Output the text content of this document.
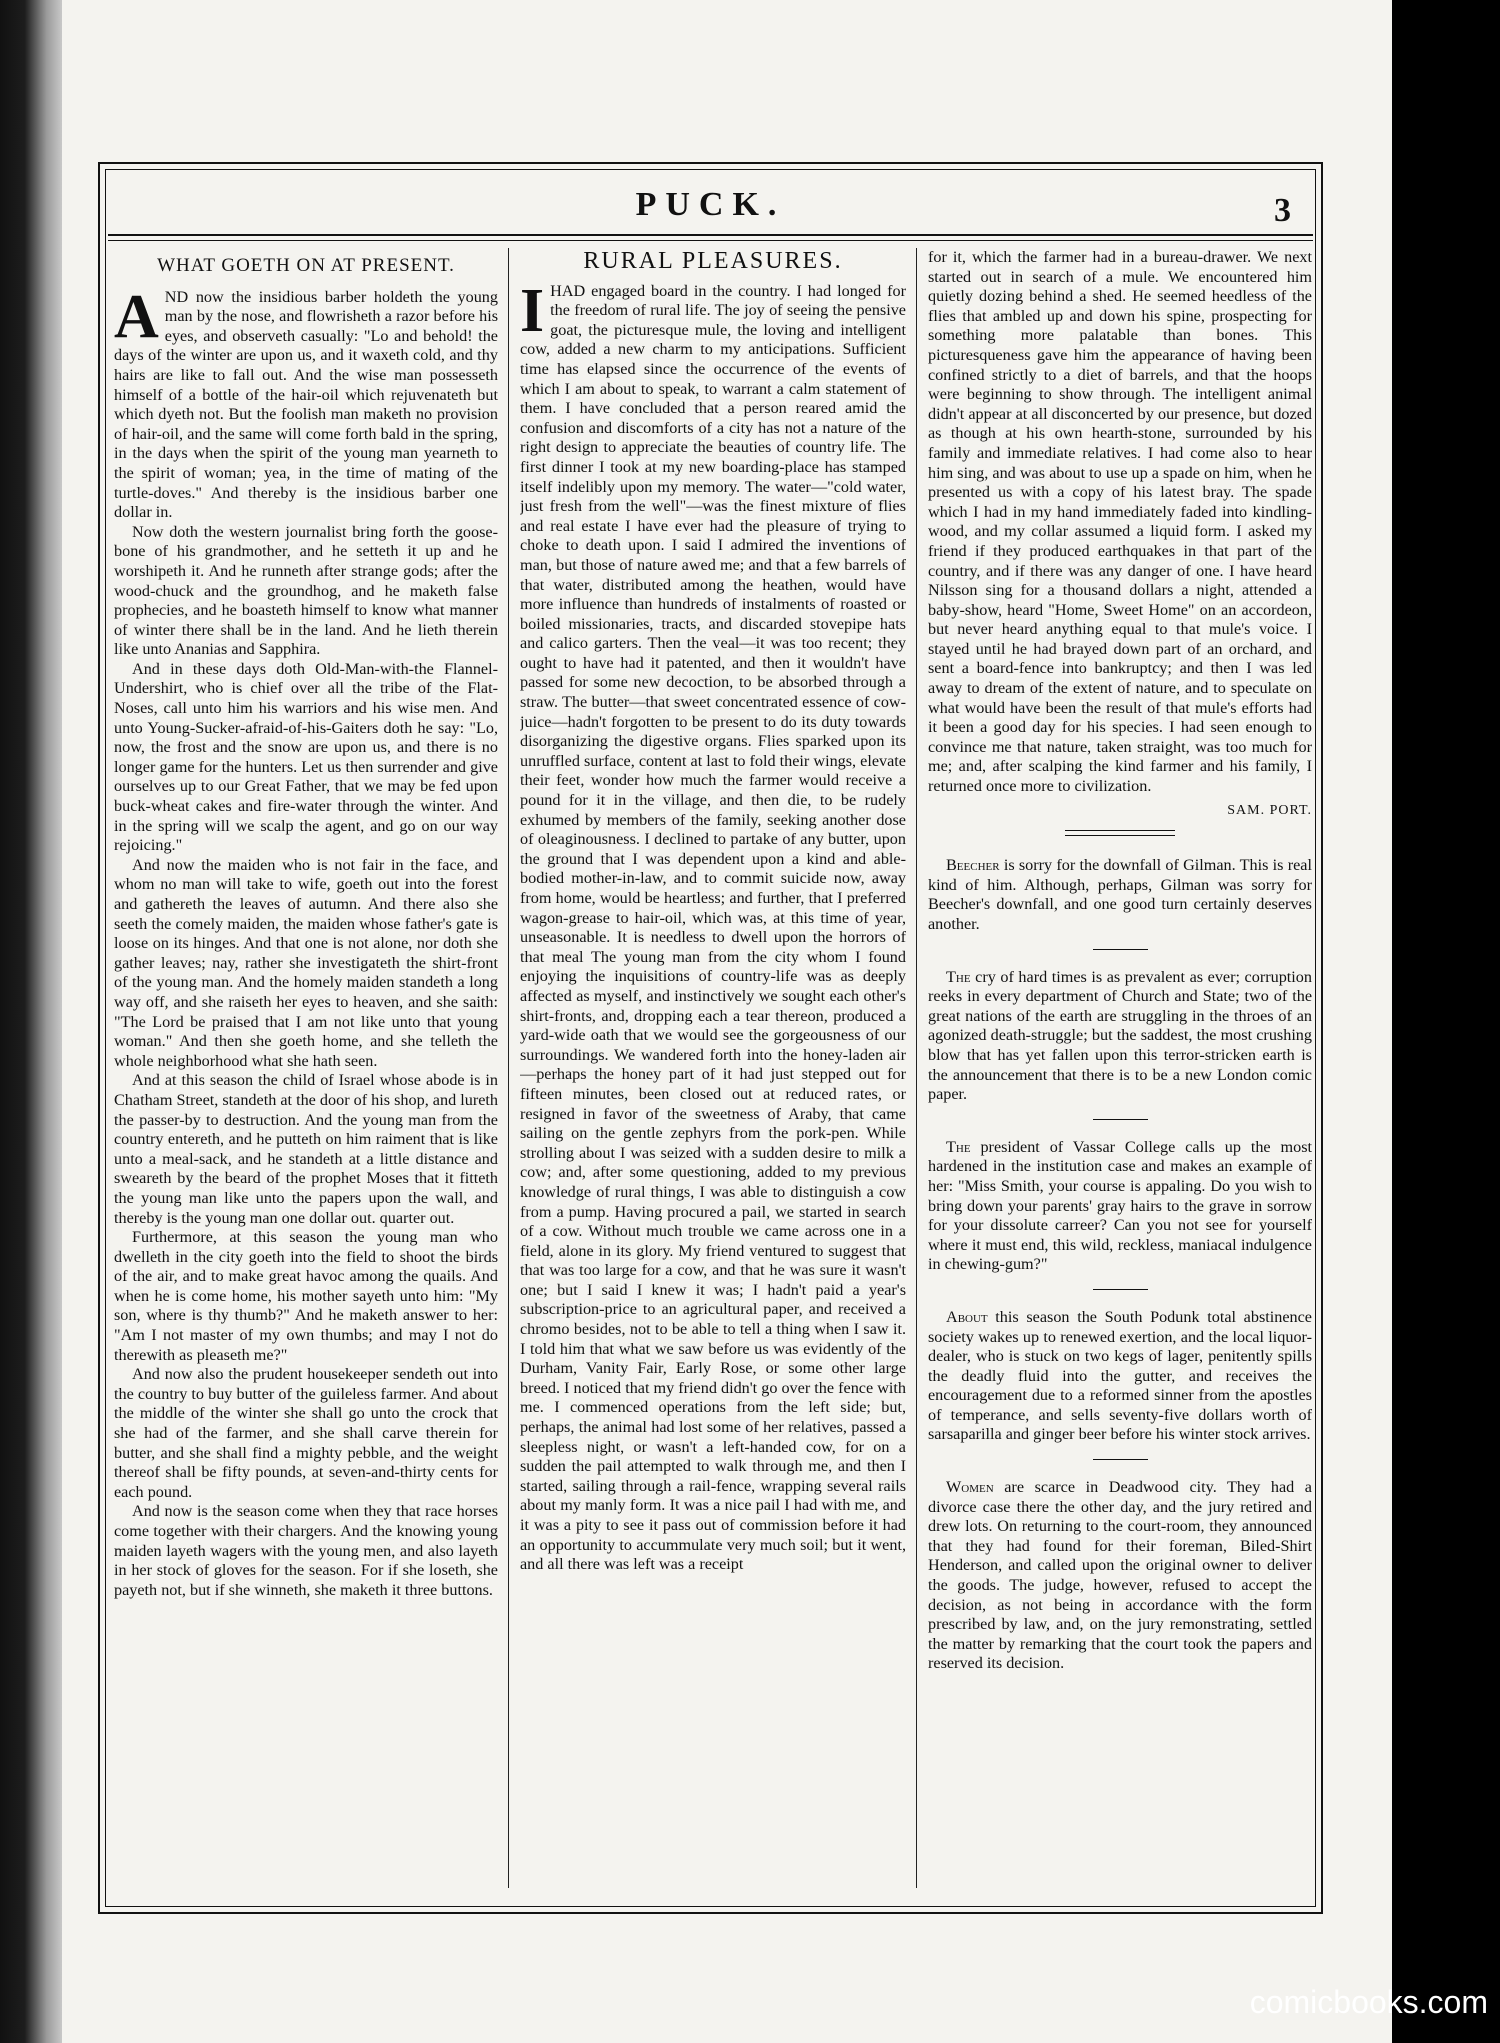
PUCK.	3
WHAT GOETH ON AT PRESENT.

AND now the insidious barber holdeth the young man by the nose, and flowrisheth a razor before his eyes, and observeth casually: "Lo and behold! the days of the winter are upon us, and it waxeth cold, and thy hairs are like to fall out. And the wise man possesseth himself of a bottle of the hair-oil which rejuvenateth but which dyeth not. But the foolish man maketh no provision of hair-oil, and the same will come forth bald in the spring, in the days when the spirit of the young man yearneth to the spirit of woman; yea, in the time of mating of the turtle-doves." And thereby is the insidious barber one dollar in.

Now doth the western journalist bring forth the goose-bone of his grandmother, and he setteth it up and he worshipeth it. And he runneth after strange gods; after the wood-chuck and the groundhog, and he maketh false prophecies, and he boasteth himself to know what manner of winter there shall be in the land. And he lieth therein like unto Ananias and Sapphira.

And in these days doth Old-Man-with-the Flannel-Undershirt, who is chief over all the tribe of the Flat-Noses, call unto him his warriors and his wise men. And unto Young-Sucker-afraid-of-his-Gaiters doth he say: "Lo, now, the frost and the snow are upon us, and there is no longer game for the hunters. Let us then surrender and give ourselves up to our Great Father, that we may be fed upon buck-wheat cakes and fire-water through the winter. And in the spring will we scalp the agent, and go on our way rejoicing."

And now the maiden who is not fair in the face, and whom no man will take to wife, goeth out into the forest and gathereth the leaves of autumn. And there also she seeth the comely maiden, the maiden whose father's gate is loose on its hinges. And that one is not alone, nor doth she gather leaves; nay, rather she investigateth the shirt-front of the young man. And the homely maiden standeth a long way off, and she raiseth her eyes to heaven, and she saith: "The Lord be praised that I am not like unto that young woman." And then she goeth home, and she telleth the whole neighborhood what she hath seen.

And at this season the child of Israel whose abode is in Chatham Street, standeth at the door of his shop, and lureth the passer-by to destruction. And the young man from the country entereth, and he putteth on him raiment that is like unto a meal-sack, and he standeth at a little distance and sweareth by the beard of the prophet Moses that it fitteth the young man like unto the papers upon the wall, and thereby is the young man one dollar out. quarter out.

Furthermore, at this season the young man who dwelleth in the city goeth into the field to shoot the birds of the air, and to make great havoc among the quails. And when he is come home, his mother sayeth unto him: "My son, where is thy thumb?" And he maketh answer to her: "Am I not master of my own thumbs; and may I not do therewith as pleaseth me?"

And now also the prudent housekeeper sendeth out into the country to buy butter of the guileless farmer. And about the middle of the winter she shall go unto the crock that she had of the farmer, and she shall carve therein for butter, and she shall find a mighty pebble, and the weight thereof shall be fifty pounds, at seven-and-thirty cents for each pound.

And now is the season come when they that race horses come together with their chargers. And the knowing young maiden layeth wagers with the young men, and also layeth in her stock of gloves for the season. For if she loseth, she payeth not, but if she winneth, she maketh it three buttons.

RURAL PLEASURES.

IHAD engaged board in the country. I had longed for the freedom of rural life. The joy of seeing the pensive goat, the picturesque mule, the loving and intelligent cow, added a new charm to my anticipations. Sufficient time has elapsed since the occurrence of the events of which I am about to speak, to warrant a calm statement of them. I have concluded that a person reared amid the confusion and discomforts of a city has not a nature of the right design to appreciate the beauties of country life. The first dinner I took at my new boarding-place has stamped itself indelibly upon my memory. The water—"cold water, just fresh from the well"—was the finest mixture of flies and real estate I have ever had the pleasure of trying to choke to death upon. I said I admired the inventions of man, but those of nature awed me; and that a few barrels of that water, distributed among the heathen, would have more influence than hundreds of instalments of roasted or boiled missionaries, tracts, and discarded stovepipe hats and calico garters. Then the veal—it was too recent; they ought to have had it patented, and then it wouldn't have passed for some new decoction, to be absorbed through a straw. The butter—that sweet concentrated essence of cow-juice—hadn't forgotten to be present to do its duty towards disorganizing the digestive organs. Flies sparked upon its unruffled surface, content at last to fold their wings, elevate their feet, wonder how much the farmer would receive a pound for it in the village, and then die, to be rudely exhumed by members of the family, seeking another dose of oleaginousness. I declined to partake of any butter, upon the ground that I was dependent upon a kind and able-bodied mother-in-law, and to commit suicide now, away from home, would be heartless; and further, that I preferred wagon-grease to hair-oil, which was, at this time of year, unseasonable. It is needless to dwell upon the horrors of that meal The young man from the city whom I found enjoying the inquisitions of country-life was as deeply affected as myself, and instinctively we sought each other's shirt-fronts, and, dropping each a tear thereon, produced a yard-wide oath that we would see the gorgeousness of our surroundings. We wandered forth into the honey-laden air—perhaps the honey part of it had just stepped out for fifteen minutes, been closed out at reduced rates, or resigned in favor of the sweetness of Araby, that came sailing on the gentle zephyrs from the pork-pen. While strolling about I was seized with a sudden desire to milk a cow; and, after some questioning, added to my previous knowledge of rural things, I was able to distinguish a cow from a pump. Having procured a pail, we started in search of a cow. Without much trouble we came across one in a field, alone in its glory. My friend ventured to suggest that that was too large for a cow, and that he was sure it wasn't one; but I said I knew it was; I hadn't paid a year's subscription-price to an agricultural paper, and received a chromo besides, not to be able to tell a thing when I saw it. I told him that what we saw before us was evidently of the Durham, Vanity Fair, Early Rose, or some other large breed. I noticed that my friend didn't go over the fence with me. I commenced operations from the left side; but, perhaps, the animal had lost some of her relatives, passed a sleepless night, or wasn't a left-handed cow, for on a sudden the pail attempted to walk through me, and then I started, sailing through a rail-fence, wrapping several rails about my manly form. It was a nice pail I had with me, and it was a pity to see it pass out of commission before it had an opportunity to accummulate very much soil; but it went, and all there was left was a receipt

for it, which the farmer had in a bureau-drawer. We next started out in search of a mule. We encountered him quietly dozing behind a shed. He seemed heedless of the flies that ambled up and down his spine, prospecting for something more palatable than bones. This picturesqueness gave him the appearance of having been confined strictly to a diet of barrels, and that the hoops were beginning to show through. The intelligent animal didn't appear at all disconcerted by our presence, but dozed as though at his own hearth-stone, surrounded by his family and immediate relatives. I had come also to hear him sing, and was about to use up a spade on him, when he presented us with a copy of his latest bray. The spade which I had in my hand immediately faded into kindling-wood, and my collar assumed a liquid form. I asked my friend if they produced earthquakes in that part of the country, and if there was any danger of one. I have heard Nilsson sing for a thousand dollars a night, attended a baby-show, heard "Home, Sweet Home" on an accordeon, but never heard anything equal to that mule's voice. I stayed until he had brayed down part of an orchard, and sent a board-fence into bankruptcy; and then I was led away to dream of the extent of nature, and to speculate on what would have been the result of that mule's efforts had it been a good day for his species. I had seen enough to convince me that nature, taken straight, was too much for me; and, after scalping the kind farmer and his family, I returned once more to civilization.

SAM. PORT.

Beecher is sorry for the downfall of Gilman. This is real kind of him. Although, perhaps, Gilman was sorry for Beecher's downfall, and one good turn certainly deserves another.

The cry of hard times is as prevalent as ever; corruption reeks in every department of Church and State; two of the great nations of the earth are struggling in the throes of an agonized death-struggle; but the saddest, the most crushing blow that has yet fallen upon this terror-stricken earth is the announcement that there is to be a new London comic paper.

The president of Vassar College calls up the most hardened in the institution case and makes an example of her: "Miss Smith, your course is appaling. Do you wish to bring down your parents' gray hairs to the grave in sorrow for your dissolute carreer? Can you not see for yourself where it must end, this wild, reckless, maniacal indulgence in chewing-gum?"

About this season the South Podunk total abstinence society wakes up to renewed exertion, and the local liquor-dealer, who is stuck on two kegs of lager, penitently spills the deadly fluid into the gutter, and receives the encouragement due to a reformed sinner from the apostles of temperance, and sells seventy-five dollars worth of sarsaparilla and ginger beer before his winter stock arrives.

Women are scarce in Deadwood city. They had a divorce case there the other day, and the jury retired and drew lots. On returning to the court-room, they announced that they had found for their foreman, Biled-Shirt Henderson, and called upon the original owner to deliver the goods. The judge, however, refused to accept the decision, as not being in accordance with the form prescribed by law, and, on the jury remonstrating, settled the matter by remarking that the court took the papers and reserved its decision.

comicbooks.com
